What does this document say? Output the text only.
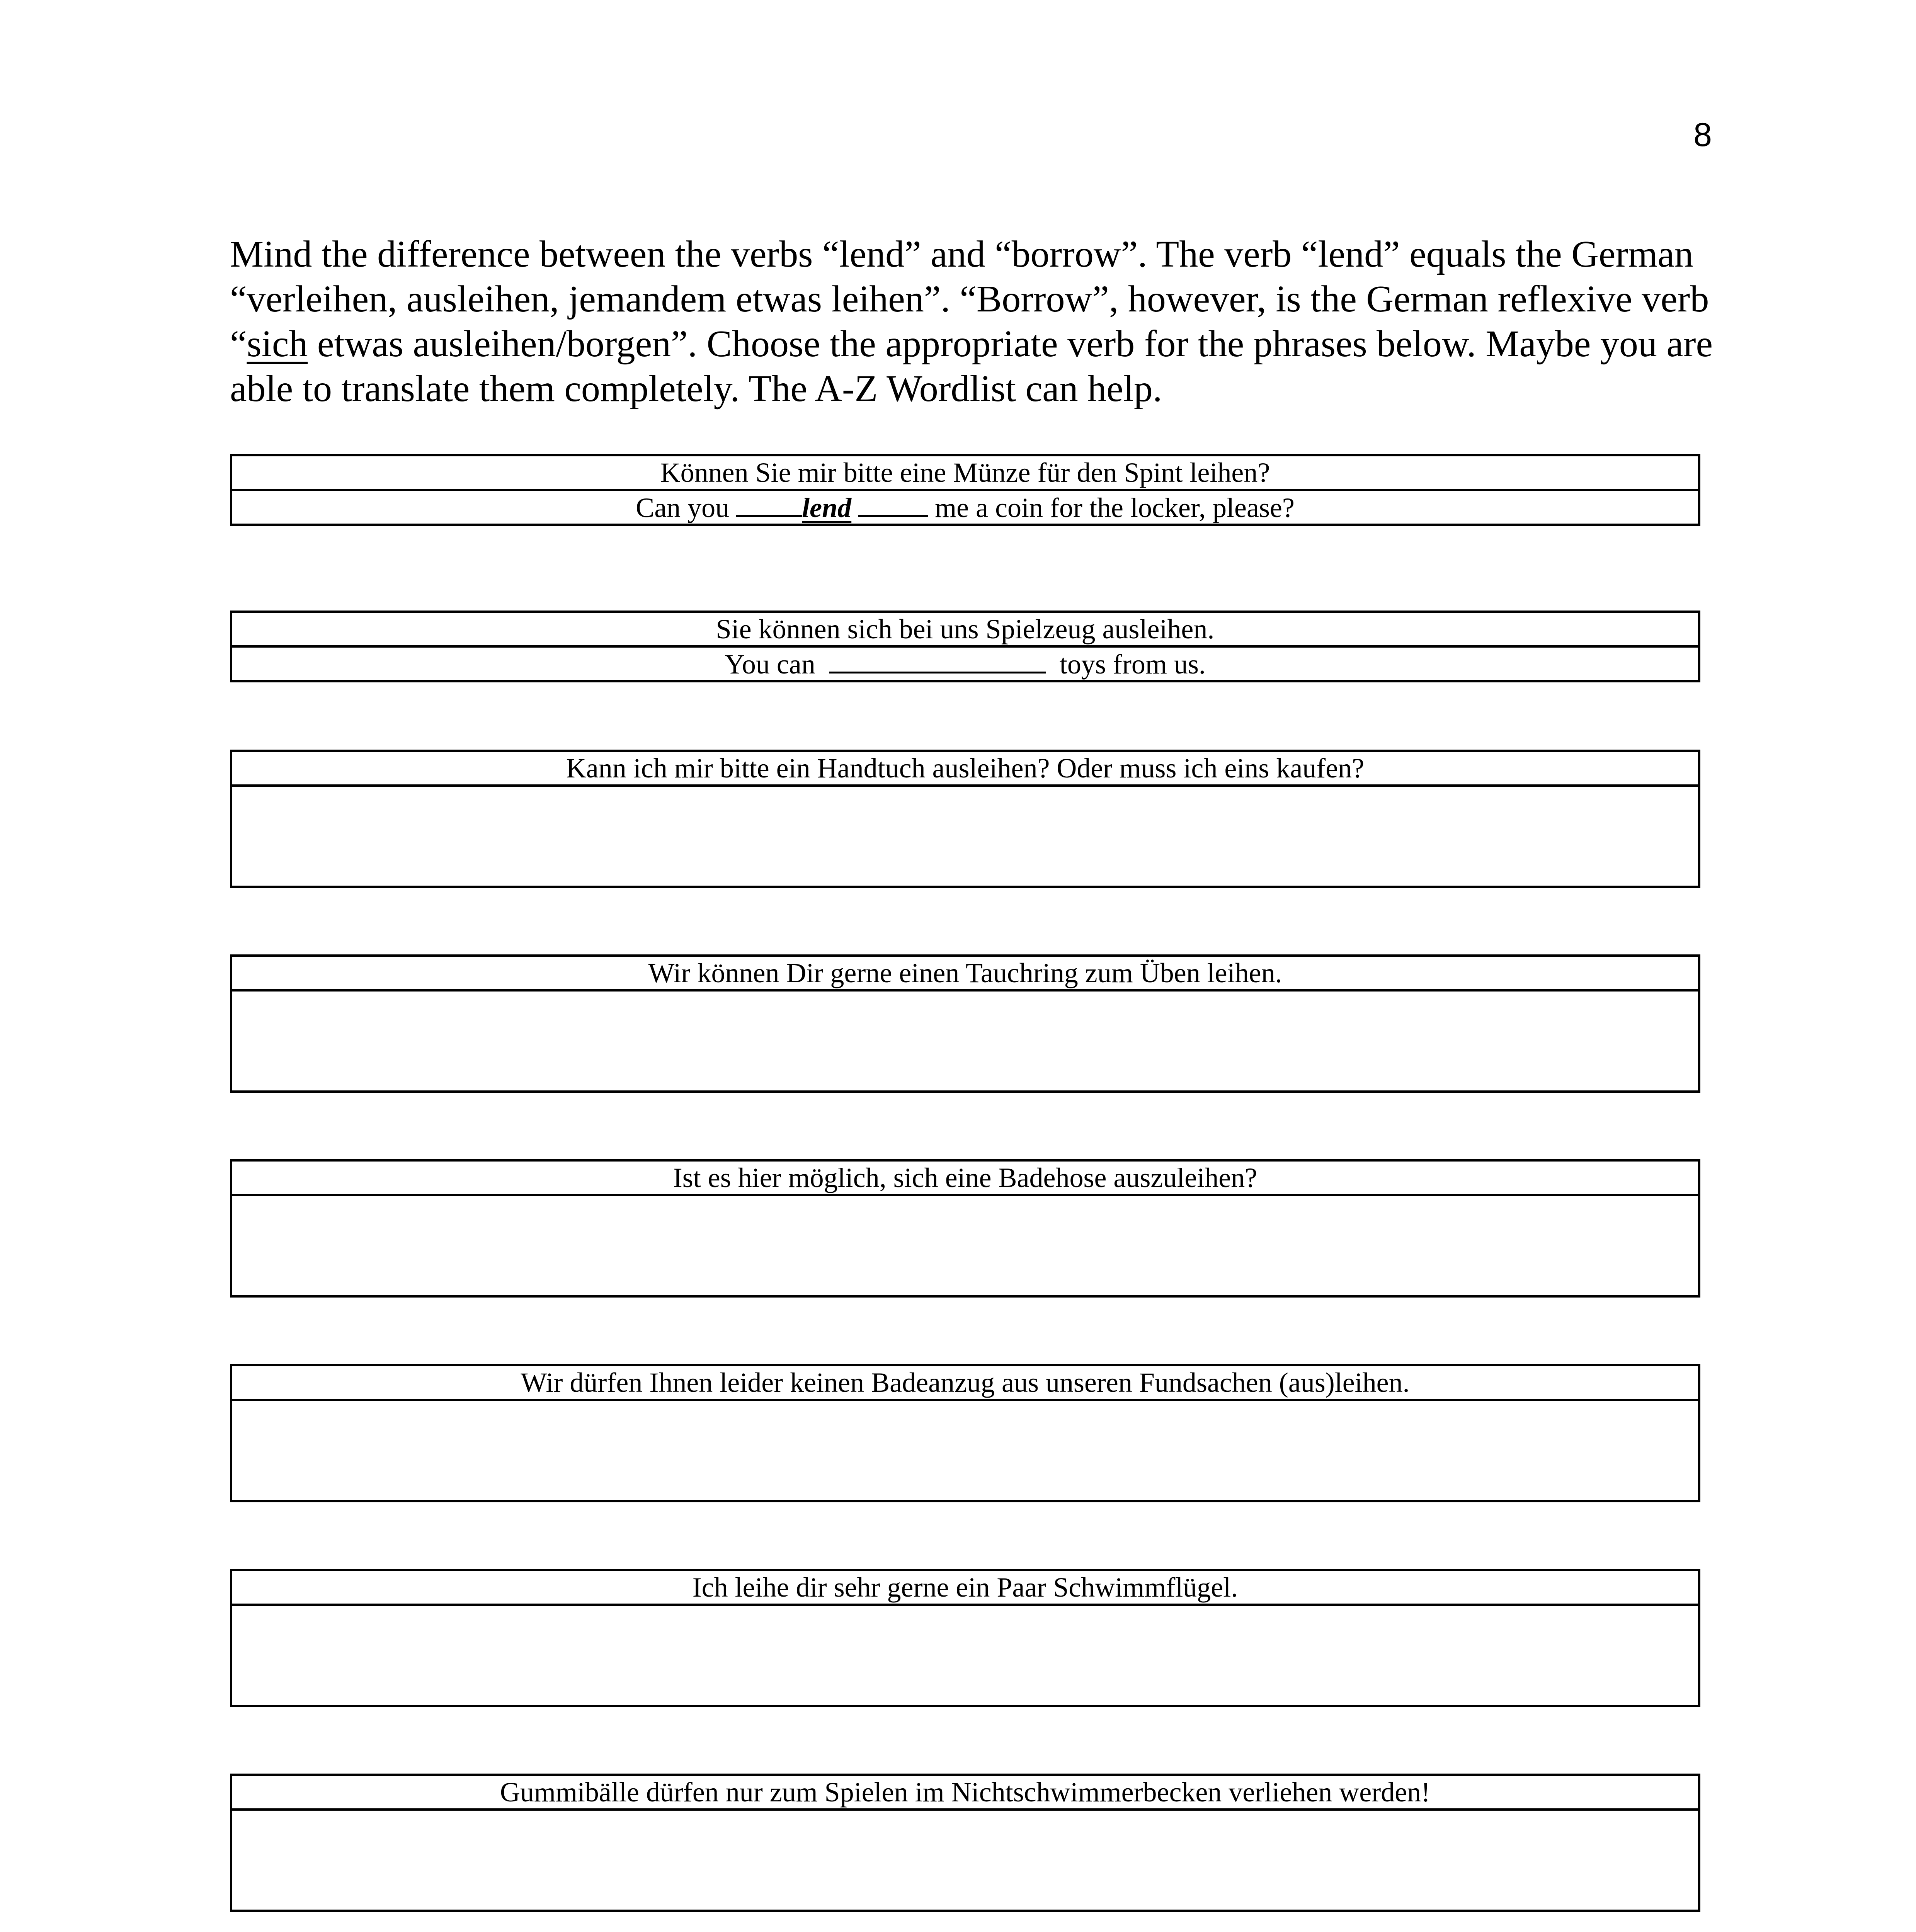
8

Mind the difference between the verbs “lend” and “borrow”. The verb “lend” equals the German “verleihen, ausleihen, jemandem etwas leihen”. “Borrow”, however, is the German reflexive verb “sich etwas ausleihen/borgen”. Choose the appropriate verb for the phrases below. Maybe you are able to translate them completely. The A-Z Wordlist can help.

Können Sie mir bitte eine Münze für den Spint leihen?
Can you lend	me a coin for the locker, please?
Sie können sich bei uns Spielzeug ausleihen.
You can	toys from us.
Kann ich mir bitte ein Handtuch ausleihen? Oder muss ich eins kaufen?
Wir können Dir gerne einen Tauchring zum Üben leihen.
Ist es hier möglich, sich eine Badehose auszuleihen?
Wir dürfen Ihnen leider keinen Badeanzug aus unseren Fundsachen (aus)leihen.
Ich leihe dir sehr gerne ein Paar Schwimmflügel.
Gummibälle dürfen nur zum Spielen im Nichtschwimmerbecken verliehen werden!
